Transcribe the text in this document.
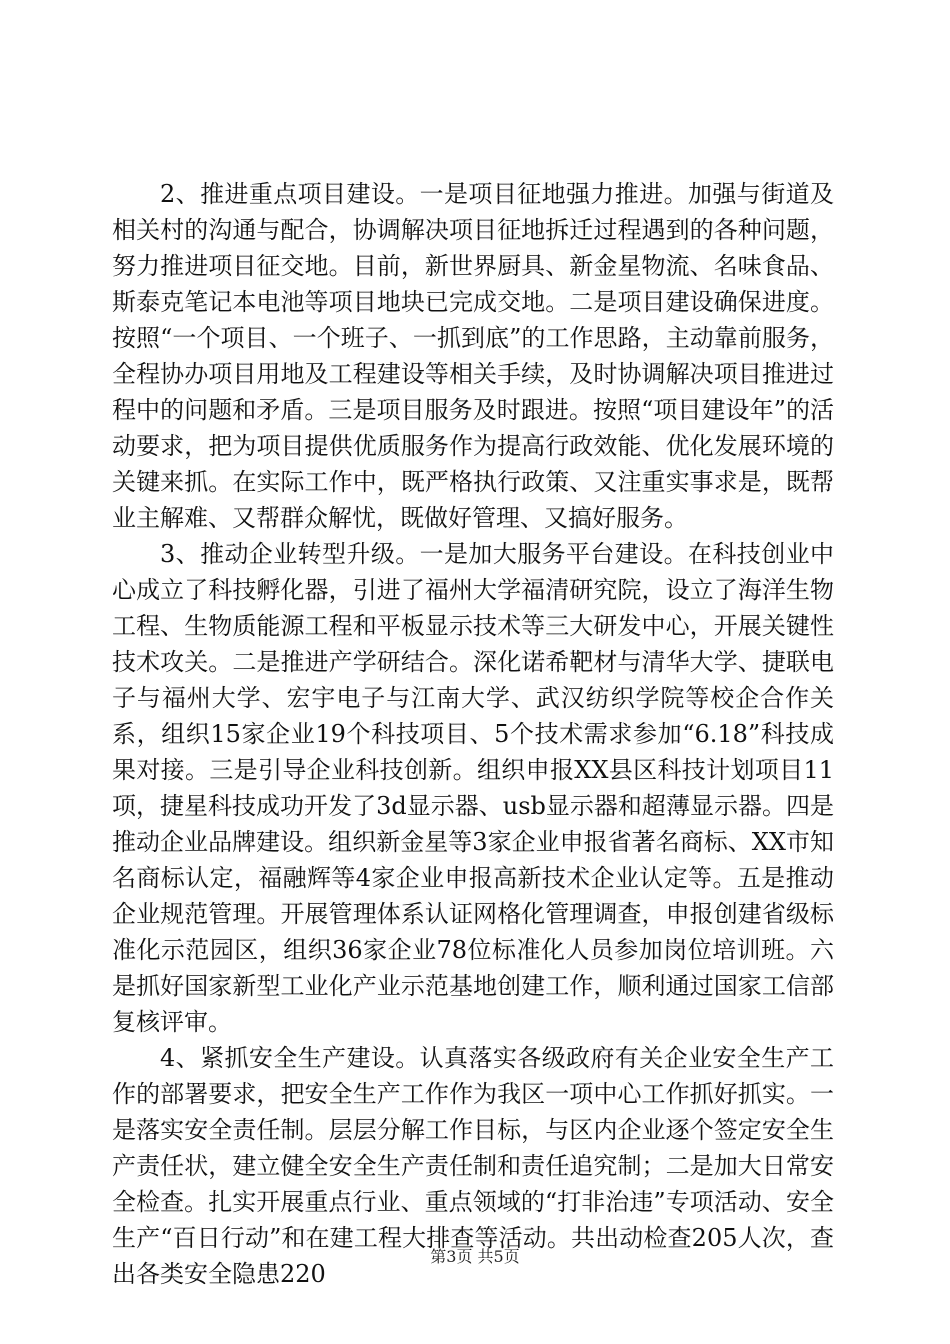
2、推进重点项目建设。一是项目征地强力推进。加强与街道及相关村的沟通与配合，协调解决项目征地拆迁过程遇到的各种问题，努力推进项目征交地。目前，新世界厨具、新金星物流、名味食品、斯泰克笔记本电池等项目地块已完成交地。二是项目建设确保进度。按照“一个项目、一个班子、一抓到底”的工作思路，主动靠前服务，全程协办项目用地及工程建设等相关手续，及时协调解决项目推进过程中的问题和矛盾。三是项目服务及时跟进。按照“项目建设年”的活动要求，把为项目提供优质服务作为提高行政效能、优化发展环境的关键来抓。在实际工作中，既严格执行政策、又注重实事求是，既帮业主解难、又帮群众解忧，既做好管理、又搞好服务。

3、推动企业转型升级。一是加大服务平台建设。在科技创业中心成立了科技孵化器，引进了福州大学福清研究院，设立了海洋生物工程、生物质能源工程和平板显示技术等三大研发中心，开展关键性技术攻关。二是推进产学研结合。深化诺希靶材与清华大学、捷联电子与福州大学、宏宇电子与江南大学、武汉纺织学院等校企合作关系，组织15家企业19个科技项目、5个技术需求参加“6.18”科技成果对接。三是引导企业科技创新。组织申报XX县区科技计划项目11项，捷星科技成功开发了3d显示器、usb显示器和超薄显示器。四是推动企业品牌建设。组织新金星等3家企业申报省著名商标、XX市知名商标认定，福融辉等4家企业申报高新技术企业认定等。五是推动企业规范管理。开展管理体系认证网格化管理调查，申报创建省级标准化示范园区，组织36家企业78位标准化人员参加岗位培训班。六是抓好国家新型工业化产业示范基地创建工作，顺利通过国家工信部复核评审。

4、紧抓安全生产建设。认真落实各级政府有关企业安全生产工作的部署要求，把安全生产工作作为我区一项中心工作抓好抓实。一是落实安全责任制。层层分解工作目标，与区内企业逐个签定安全生产责任状，建立健全安全生产责任制和责任追究制；二是加大日常安全检查。扎实开展重点行业、重点领域的“打非治违”专项活动、安全生产“百日行动”和在建工程大排查等活动。共出动检查205人次，查出各类安全隐患220

第3页 共5页
